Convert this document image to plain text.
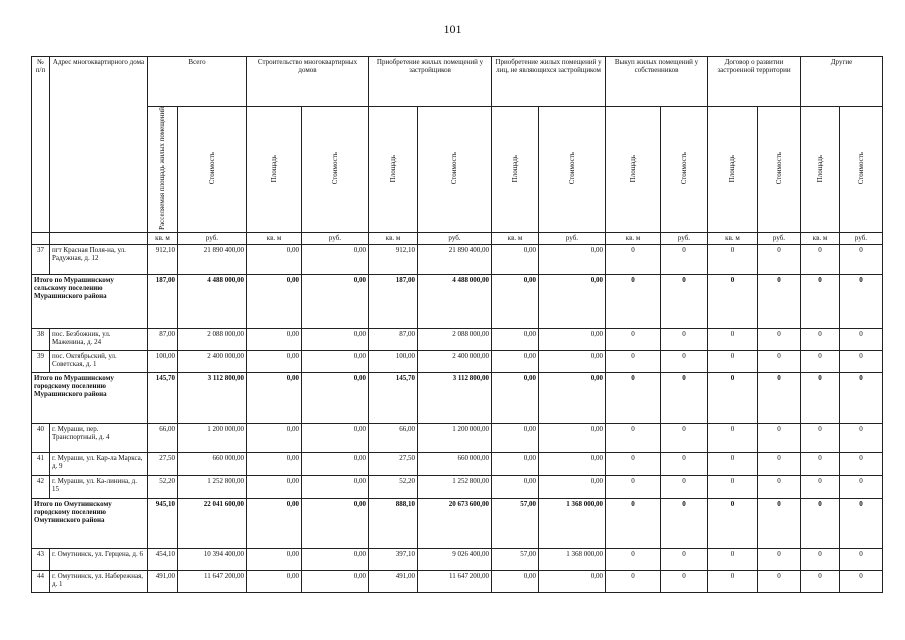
101
№ п/п	Адрес многоквартирного дома	Всего		Строительство многоквартирных домов		Приобретение жилых помещений у застройщиков		Приобретение жилых помещений у лиц, не являющихся застройщиком		Выкуп жилых помещений у собственников		Договор о развитии застроенной территории		Другие	
		Расселяемая площадь жилых помещений	Стоимость	Площадь	Стоимость	Площадь	Стоимость	Площадь	Стоимость	Площадь	Стоимость	Площадь	Стоимость	Площадь	Стоимость
		кв. м	руб.	кв. м	руб.	кв. м	руб.	кв. м	руб.	кв. м	руб.	кв. м	руб.	кв. м	руб.
37	пгт Красная Поля-на, ул. Радужная, д. 12	912,10	21 890 400,00	0,00	0,00	912,10	21 890 400,00	0,00	0,00	0	0	0	0	0	0
Итого по Мурашинскому сельскому поселению Мурашинского района		187,00	4 488 000,00	0,00	0,00	187,00	4 488 000,00	0,00	0,00	0	0	0	0	0	0
38	пос. Безбожник, ул. Маженина, д. 24	87,00	2 088 000,00	0,00	0,00	87,00	2 088 000,00	0,00	0,00	0	0	0	0	0	0
39	пос. Октябрьский, ул. Советская, д. 1	100,00	2 400 000,00	0,00	0,00	100,00	2 400 000,00	0,00	0,00	0	0	0	0	0	0
Итого по Мурашинскому городскому поселению Мурашинского района		145,70	3 112 800,00	0,00	0,00	145,70	3 112 800,00	0,00	0,00	0	0	0	0	0	0
40	г. Мураши, пер. Транспортный, д. 4	66,00	1 200 000,00	0,00	0,00	66,00	1 200 000,00	0,00	0,00	0	0	0	0	0	0
41	г. Мураши, ул. Кар-ла Маркса, д. 9	27,50	660 000,00	0,00	0,00	27,50	660 000,00	0,00	0,00	0	0	0	0	0	0
42	г. Мураши, ул. Ка-линина, д. 15	52,20	1 252 800,00	0,00	0,00	52,20	1 252 800,00	0,00	0,00	0	0	0	0	0	0
Итого по Омутнинскому городскому поселению Омутнинского района		945,10	22 041 600,00	0,00	0,00	888,10	20 673 600,00	57,00	1 368 000,00	0	0	0	0	0	0
43	г. Омутнинск, ул. Герцена, д. 6	454,10	10 394 400,00	0,00	0,00	397,10	9 026 400,00	57,00	1 368 000,00	0	0	0	0	0	0
44	г. Омутнинск, ул. Набережная, д. 1	491,00	11 647 200,00	0,00	0,00	491,00	11 647 200,00	0,00	0,00	0	0	0	0	0	0
